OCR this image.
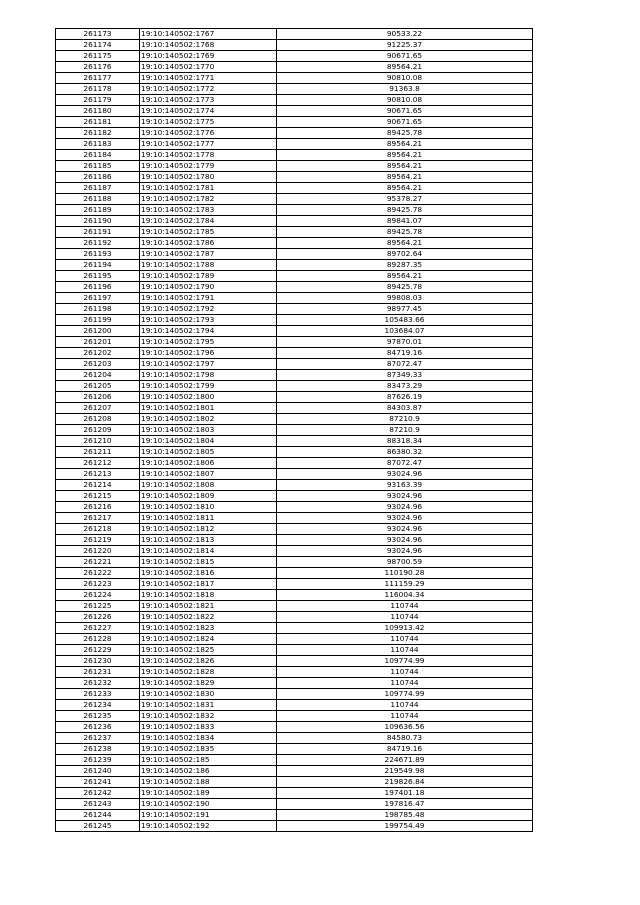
261173	19:10:140502:1767	90533.22
261174	19:10:140502:1768	91225.37
261175	19:10:140502:1769	90671.65
261176	19:10:140502:1770	89564.21
261177	19:10:140502:1771	90810.08
261178	19:10:140502:1772	91363.8
261179	19:10:140502:1773	90810.08
261180	19:10:140502:1774	90671.65
261181	19:10:140502:1775	90671.65
261182	19:10:140502:1776	89425.78
261183	19:10:140502:1777	89564.21
261184	19:10:140502:1778	89564.21
261185	19:10:140502:1779	89564.21
261186	19:10:140502:1780	89564.21
261187	19:10:140502:1781	89564.21
261188	19:10:140502:1782	95378.27
261189	19:10:140502:1783	89425.78
261190	19:10:140502:1784	89841.07
261191	19:10:140502:1785	89425.78
261192	19:10:140502:1786	89564.21
261193	19:10:140502:1787	89702.64
261194	19:10:140502:1788	89287.35
261195	19:10:140502:1789	89564.21
261196	19:10:140502:1790	89425.78
261197	19:10:140502:1791	99808.03
261198	19:10:140502:1792	98977.45
261199	19:10:140502:1793	105483.66
261200	19:10:140502:1794	103684.07
261201	19:10:140502:1795	97870.01
261202	19:10:140502:1796	84719.16
261203	19:10:140502:1797	87072.47
261204	19:10:140502:1798	87349.33
261205	19:10:140502:1799	83473.29
261206	19:10:140502:1800	87626.19
261207	19:10:140502:1801	84303.87
261208	19:10:140502:1802	87210.9
261209	19:10:140502:1803	87210.9
261210	19:10:140502:1804	88318.34
261211	19:10:140502:1805	86380.32
261212	19:10:140502:1806	87072.47
261213	19:10:140502:1807	93024.96
261214	19:10:140502:1808	93163.39
261215	19:10:140502:1809	93024.96
261216	19:10:140502:1810	93024.96
261217	19:10:140502:1811	93024.96
261218	19:10:140502:1812	93024.96
261219	19:10:140502:1813	93024.96
261220	19:10:140502:1814	93024.96
261221	19:10:140502:1815	98700.59
261222	19:10:140502:1816	110190.28
261223	19:10:140502:1817	111159.29
261224	19:10:140502:1818	116004.34
261225	19:10:140502:1821	110744
261226	19:10:140502:1822	110744
261227	19:10:140502:1823	109913.42
261228	19:10:140502:1824	110744
261229	19:10:140502:1825	110744
261230	19:10:140502:1826	109774.99
261231	19:10:140502:1828	110744
261232	19:10:140502:1829	110744
261233	19:10:140502:1830	109774.99
261234	19:10:140502:1831	110744
261235	19:10:140502:1832	110744
261236	19:10:140502:1833	109636.56
261237	19:10:140502:1834	84580.73
261238	19:10:140502:1835	84719.16
261239	19:10:140502:185	224671.89
261240	19:10:140502:186	219549.98
261241	19:10:140502:188	219826.84
261242	19:10:140502:189	197401.18
261243	19:10:140502:190	197816.47
261244	19:10:140502:191	198785.48
261245	19:10:140502:192	199754.49
